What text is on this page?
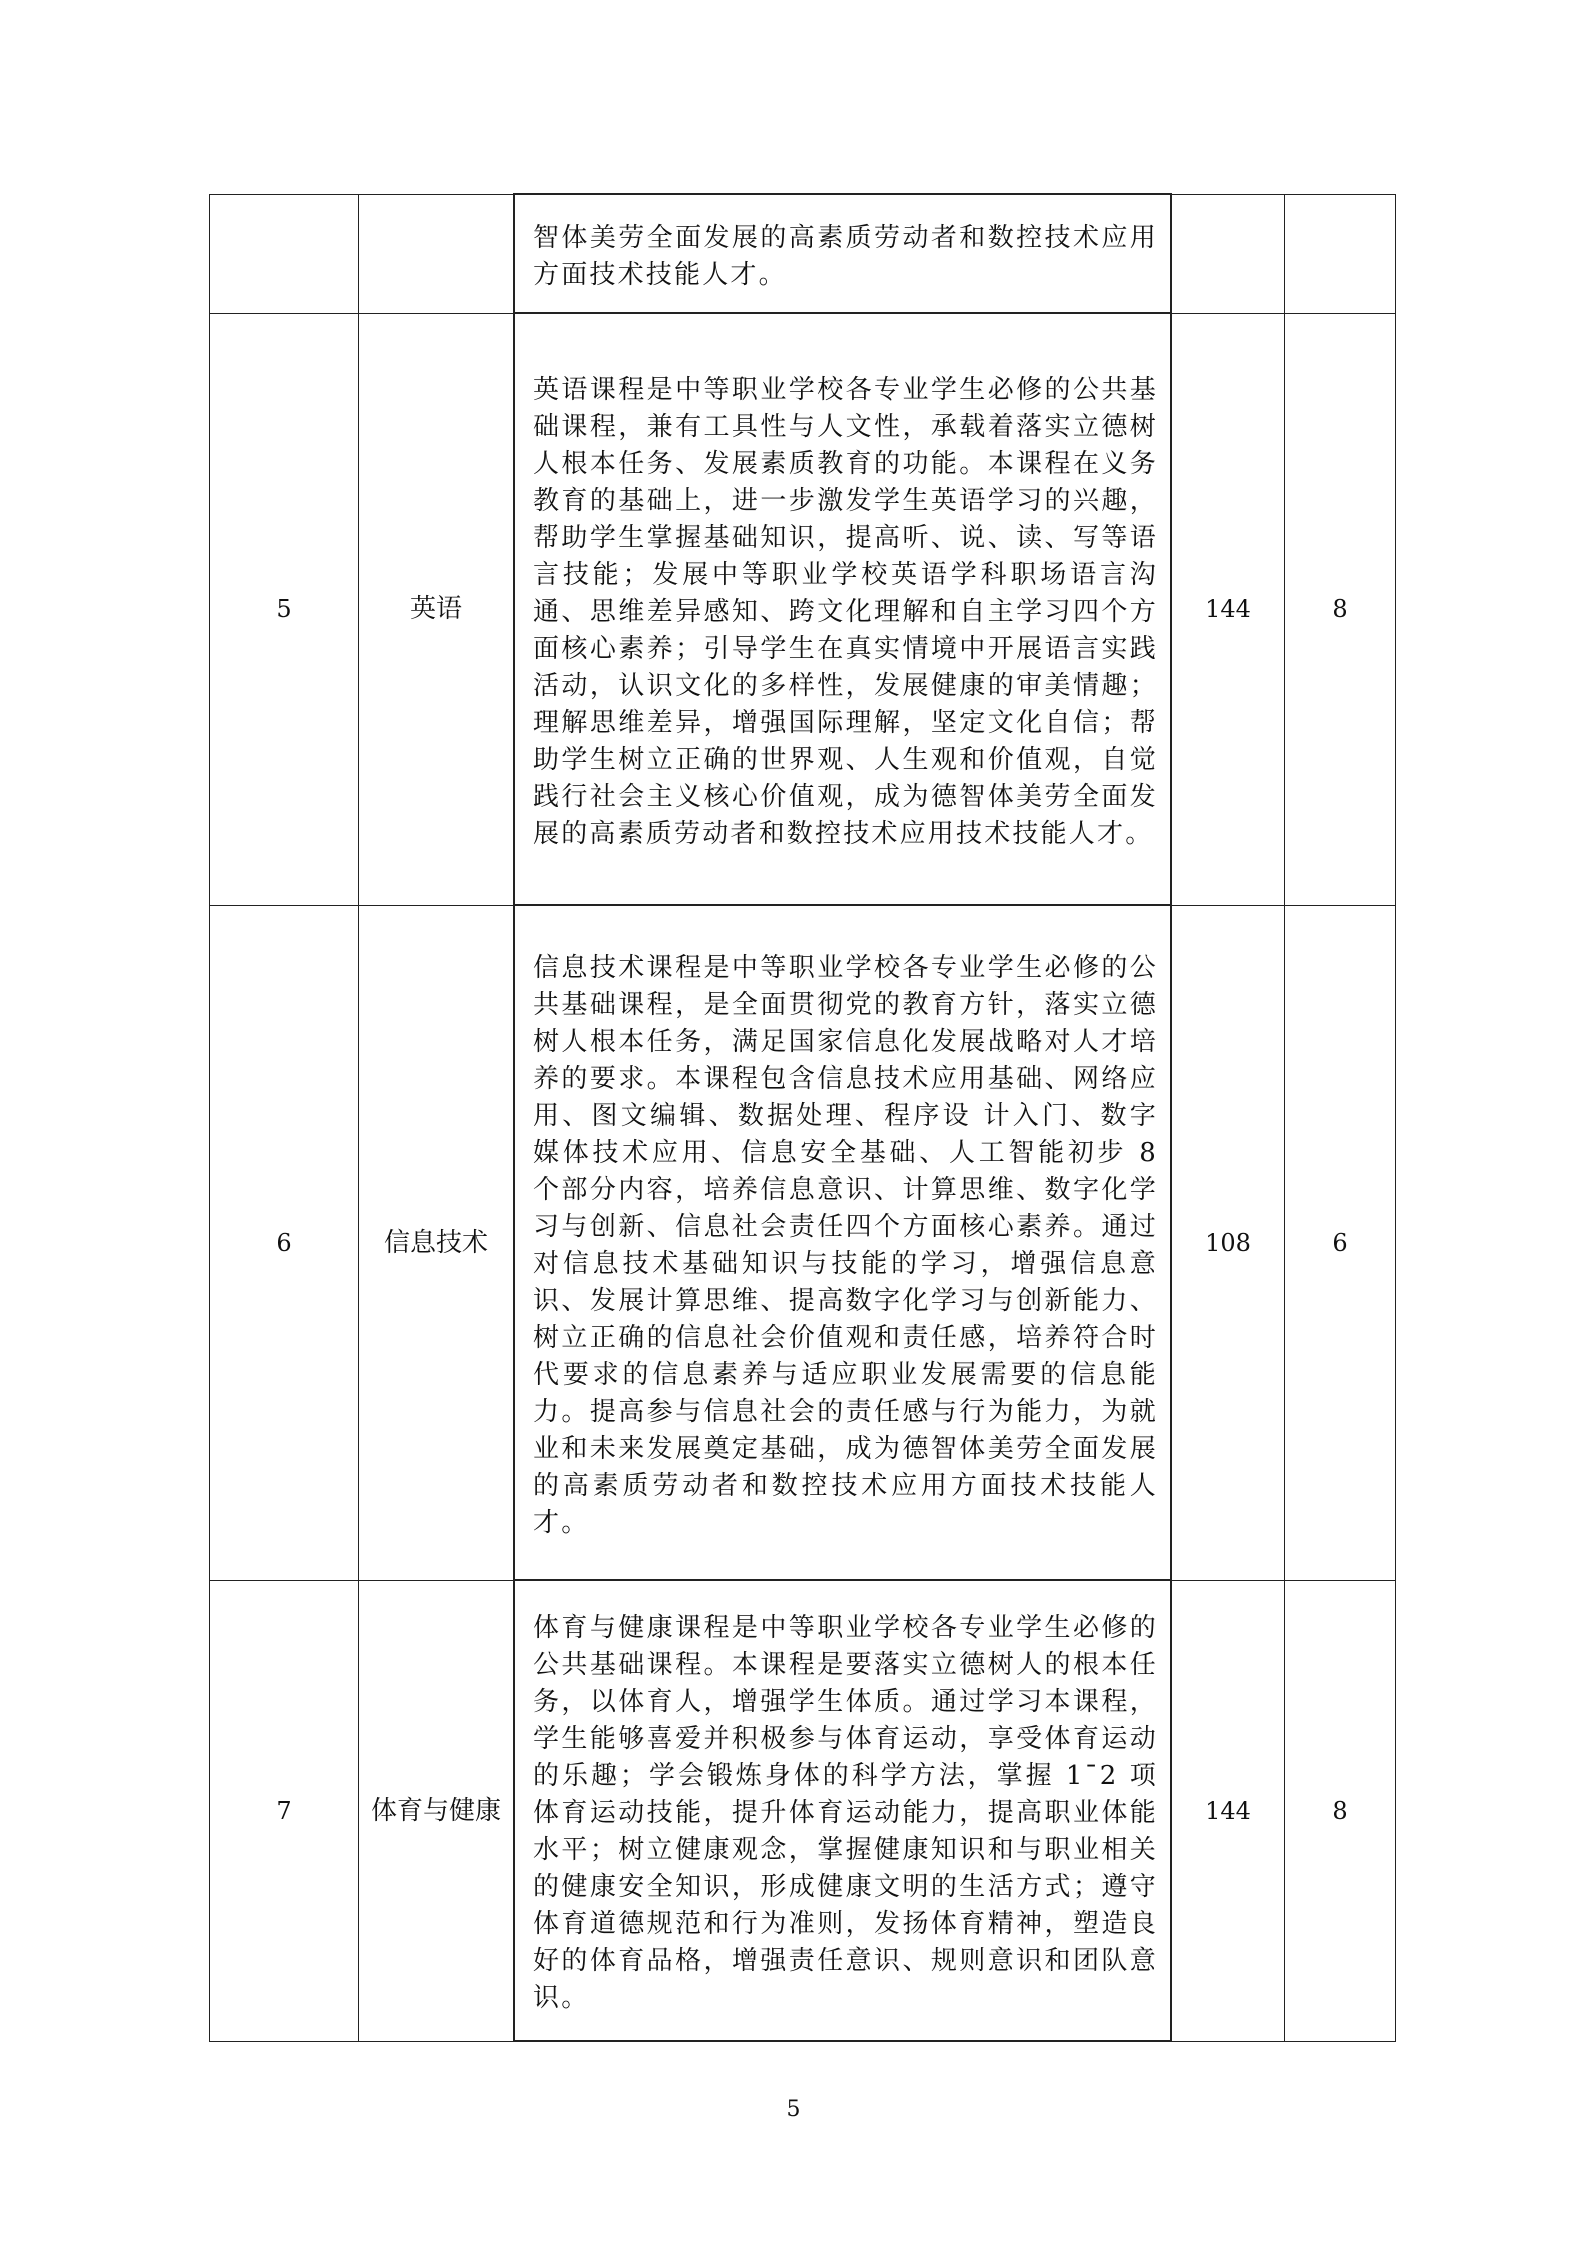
		智体美劳全面发展的高素质劳动者和数控技术应用方面技术技能人才。		

5	英语	英语课程是中等职业学校各专业学生必修的公共基础课程，兼有工具性与人文性，承载着落实立德树人根本任务、发展素质教育的功能。本课程在义务教育的基础上，进一步激发学生英语学习的兴趣，帮助学生掌握基础知识，提高听、说、读、写等语言技能；发展中等职业学校英语学科职场语言沟通、思维差异感知、跨文化理解和自主学习四个方面核心素养；引导学生在真实情境中开展语言实践活动，认识文化的多样性，发展健康的审美情趣；理解思维差异，增强国际理解，坚定文化自信；帮助学生树立正确的世界观、人生观和价值观，自觉践行社会主义核心价值观，成为德智体美劳全面发展的高素质劳动者和数控技术应用技术技能人才。	144	8
6	信息技术	信息技术课程是中等职业学校各专业学生必修的公共基础课程，是全面贯彻党的教育方针，落实立德树人根本任务，满足国家信息化发展战略对人才培养的要求。本课程包含信息技术应用基础、网络应用、图文编辑、数据处理、程序设 计入门、数字媒体技术应用、信息安全基础、人工智能初步 8 个部分内容，培养信息意识、计算思维、数字化学习与创新、信息社会责任四个方面核心素养。通过对信息技术基础知识与技能的学习，增强信息意识、发展计算思维、提高数字化学习与创新能力、树立正确的信息社会价值观和责任感，培养符合时代要求的信息素养与适应职业发展需要的信息能力。提高参与信息社会的责任感与行为能力，为就业和未来发展奠定基础，成为德智体美劳全面发展的高素质劳动者和数控技术应用方面技术技能人才。	108	6
7	体育与健康	体育与健康课程是中等职业学校各专业学生必修的公共基础课程。本课程是要落实立德树人的根本任务，以体育人，增强学生体质。通过学习本课程，学生能够喜爱并积极参与体育运动，享受体育运动的乐趣；学会锻炼身体的科学方法，掌握 1¯2 项体育运动技能，提升体育运动能力，提高职业体能水平；树立健康观念，掌握健康知识和与职业相关的健康安全知识，形成健康文明的生活方式；遵守体育道德规范和行为准则，发扬体育精神，塑造良好的体育品格，增强责任意识、规则意识和团队意识。	144	8
5
